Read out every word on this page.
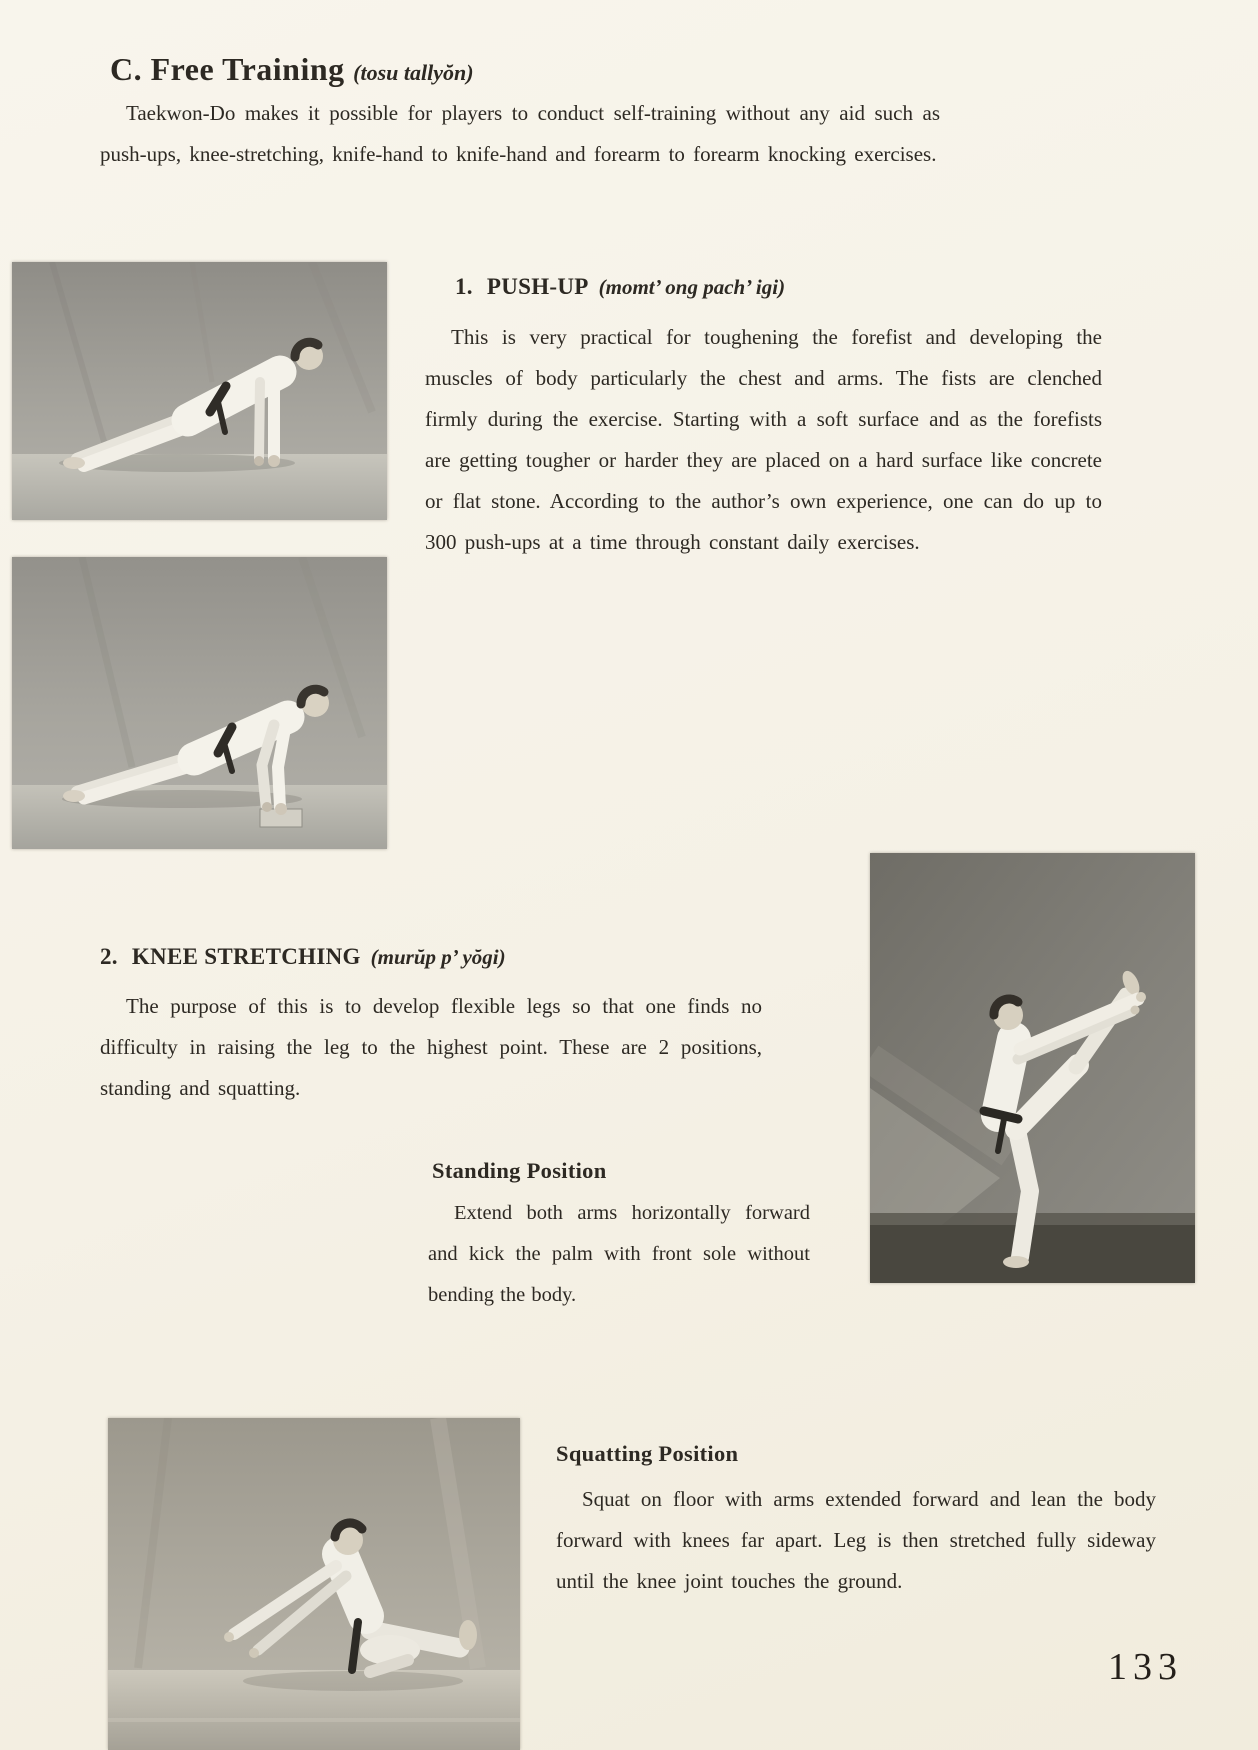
C. Free Training (tosu tallyŏn)

Taekwon-Do makes it possible for players to conduct self-training without any aid such as push-ups, knee-stretching, knife-hand to knife-hand and forearm to forearm knocking exercises.

1. PUSH-UP (momt’ ong pach’ igi)

This is very practical for toughening the forefist and developing the muscles of body particularly the chest and arms. The fists are clenched firmly during the exercise. Starting with a soft surface and as the forefists are getting tougher or harder they are placed on a hard surface like concrete or flat stone. According to the author’s own experience, one can do up to 300 push-ups at a time through constant daily exercises.

2. KNEE STRETCHING (murŭp p’ yŏgi)

The purpose of this is to develop flexible legs so that one finds no difficulty in raising the leg to the highest point. These are 2 positions, standing and squatting.

Standing Position

Extend both arms horizontally forward and kick the palm with front sole without bending the body.

Squatting Position

Squat on floor with arms extended forward and lean the body forward with knees far apart. Leg is then stretched fully sideway until the knee joint touches the ground.

133
